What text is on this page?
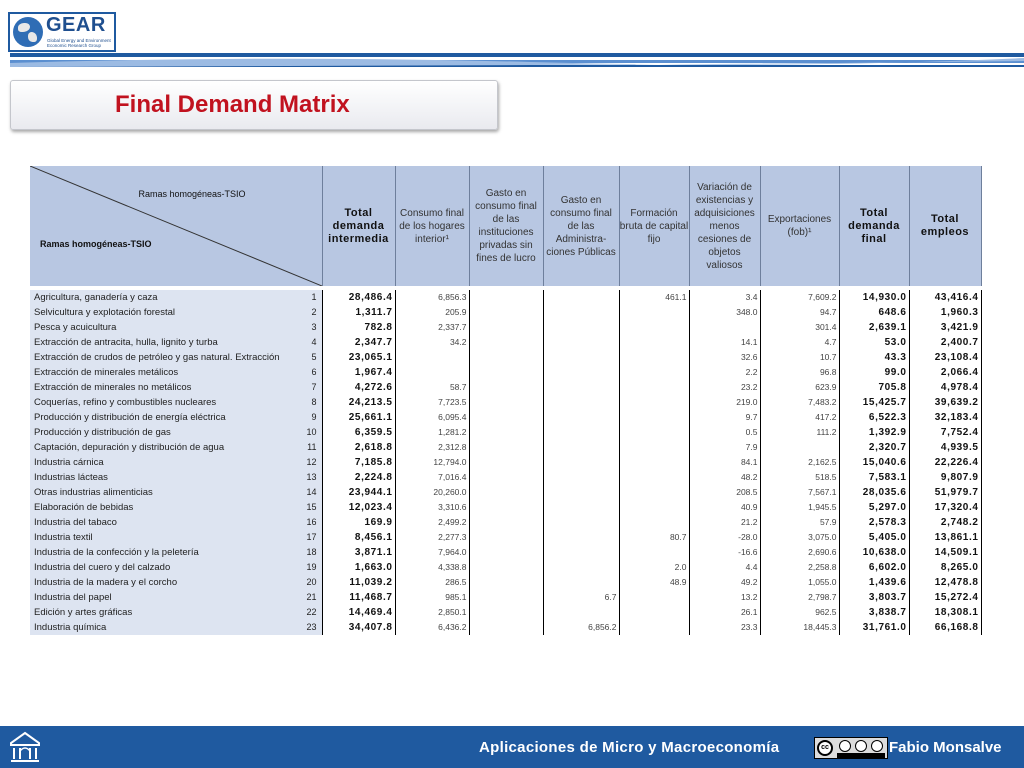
GEAR
Global Energy and Environment Economic Research Group
Final Demand Matrix
Ramas homogéneas-TSIO
Ramas homogéneas-TSIO		Total demanda intermedia	Consumo final de los hogares interior¹	Gasto en consumo final de las instituciones privadas sin fines de lucro	Gasto en consumo final de las Administra-ciones Públicas	Formación bruta de capital fijo	Variación de existencias y adquisiciones menos cesiones de objetos valiosos	Exportaciones (fob)¹	Total demanda final	Total empleos

Agricultura, ganadería y caza	1	28,486.4	6,856.3			461.1	3.4	7,609.2	14,930.0	43,416.4
Selvicultura y explotación forestal	2	1,311.7	205.9				348.0	94.7	648.6	1,960.3
Pesca y acuicultura	3	782.8	2,337.7					301.4	2,639.1	3,421.9
Extracción de antracita, hulla, lignito y turba	4	2,347.7	34.2				14.1	4.7	53.0	2,400.7
Extracción de crudos de petróleo y gas natural. Extracción	5	23,065.1					32.6	10.7	43.3	23,108.4
Extracción de minerales metálicos	6	1,967.4					2.2	96.8	99.0	2,066.4
Extracción de minerales no metálicos	7	4,272.6	58.7				23.2	623.9	705.8	4,978.4
Coquerías, refino y combustibles nucleares	8	24,213.5	7,723.5				219.0	7,483.2	15,425.7	39,639.2
Producción y distribución de energía eléctrica	9	25,661.1	6,095.4				9.7	417.2	6,522.3	32,183.4
Producción y distribución de gas	10	6,359.5	1,281.2				0.5	111.2	1,392.9	7,752.4
Captación, depuración y distribución de agua	11	2,618.8	2,312.8				7.9		2,320.7	4,939.5
Industria cárnica	12	7,185.8	12,794.0				84.1	2,162.5	15,040.6	22,226.4
Industrias lácteas	13	2,224.8	7,016.4				48.2	518.5	7,583.1	9,807.9
Otras industrias alimenticias	14	23,944.1	20,260.0				208.5	7,567.1	28,035.6	51,979.7
Elaboración de bebidas	15	12,023.4	3,310.6				40.9	1,945.5	5,297.0	17,320.4
Industria del tabaco	16	169.9	2,499.2				21.2	57.9	2,578.3	2,748.2
Industria textil	17	8,456.1	2,277.3			80.7	-28.0	3,075.0	5,405.0	13,861.1
Industria de la confección y la peletería	18	3,871.1	7,964.0				-16.6	2,690.6	10,638.0	14,509.1
Industria del cuero y del calzado	19	1,663.0	4,338.8			2.0	4.4	2,258.8	6,602.0	8,265.0
Industria de la madera y el corcho	20	11,039.2	286.5			48.9	49.2	1,055.0	1,439.6	12,478.8
Industria del papel	21	11,468.7	985.1		6.7		13.2	2,798.7	3,803.7	15,272.4
Edición y artes gráficas	22	14,469.4	2,850.1				26.1	962.5	3,838.7	18,308.1
Industria química	23	34,407.8	6,436.2		6,856.2		23.3	18,445.3	31,761.0	66,168.8
Aplicaciones de Micro y Macroeconomía	cc	Fabio Monsalve
